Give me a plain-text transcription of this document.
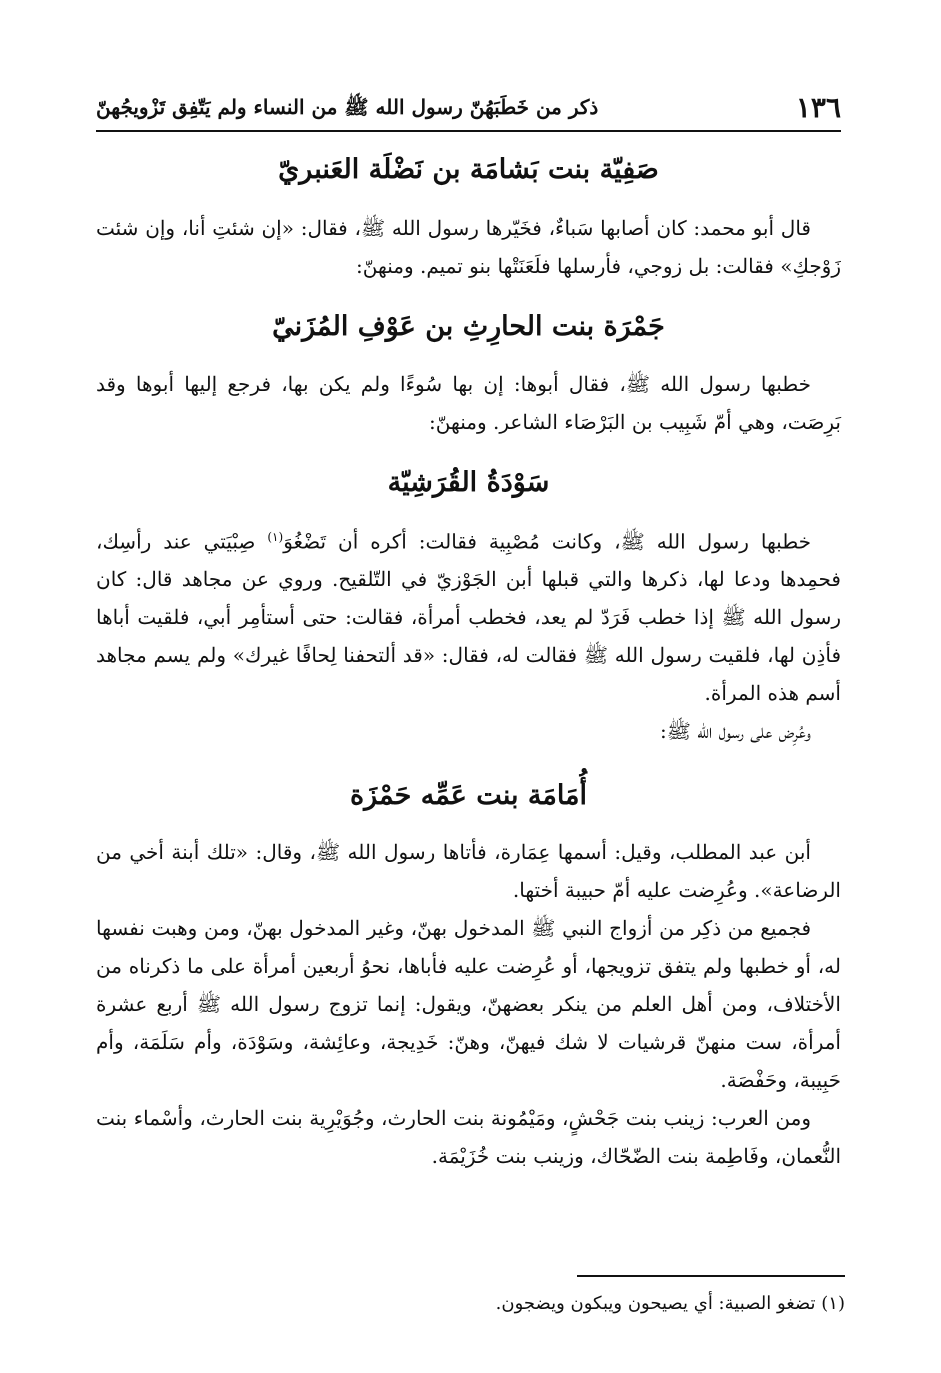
١٣٦
ذكر من خَطَبَهُنّ رسول الله ﷺ من النساء ولم يَتّفِق تَزْويجُهنّ
صَفِيّة بنت بَشامَة بن نَضْلَة العَنبريّ

قال أبو محمد: كان أصابها سَباءٌ، فخَيّرها رسول الله ﷺ، فقال: «إن شئتِ أنا، وإن شئت زَوْجكِ» فقالت: بل زوجي، فأرسلها فلَعَنَتْها بنو تميم. ومنهنّ:

جَمْرَة بنت الحارِثِ بن عَوْفِ المُزَنيّ

خطبها رسول الله ﷺ، فقال أبوها: إن بها سُوءًا ولم يكن بها، فرجع إليها أبوها وقد بَرِصَت، وهي أمّ شَبِيب بن البَرْصَاء الشاعر. ومنهنّ:

سَوْدَةُ القُرَشِيّة

خطبها رسول الله ﷺ، وكانت مُصْبِية فقالت: أكره أن تَضْغُوَ$^{(١)}$ صِبْيَتي عند رأسِك، فحمِدها ودعا لها، ذكرها والتي قبلها أبن الجَوْزيّ في التّلقيح. وروي عن مجاهد قال: كان رسول الله ﷺ إذا خطب فَرَدّ لم يعد، فخطب أمرأة، فقالت: حتى أستأمِر أبي، فلقيت أباها فأذِن لها، فلقيت رسول الله ﷺ فقالت له، فقال: «قد ألتحفنا لِحافًا غيرك» ولم يسم مجاهد أسم هذه المرأة.

وعُرِض على رسول الله ﷺ:

أُمَامَة بنت عَمِّه حَمْزَة

أبن عبد المطلب، وقيل: أسمها عِمَارة، فأتاها رسول الله ﷺ، وقال: «تلك أبنة أخي من الرضاعة». وعُرِضت عليه أمّ حبيبة أختها.

فجميع من ذكِر من أزواج النبي ﷺ المدخول بهنّ، وغير المدخول بهنّ، ومن وهبت نفسها له، أو خطبها ولم يتفق تزويجها، أو عُرِضت عليه فأباها، نحوُ أربعين أمرأة على ما ذكرناه من الأختلاف، ومن أهل العلم من ينكر بعضهنّ، ويقول: إنما تزوج رسول الله ﷺ أربع عشرة أمرأة، ست منهنّ قرشيات لا شك فيهنّ، وهنّ: خَدِيجة، وعائِشة، وسَوْدَة، وأم سَلَمَة، وأم حَبِيبة، وحَفْصَة.

ومن العرب: زينب بنت جَحْشٍ، ومَيْمُونة بنت الحارث، وجُوَيْرِية بنت الحارث، وأسْماء بنت النُّعمان، وفَاطِمة بنت الضّحّاك، وزينب بنت خُزَيْمَة.

(١) تضغو الصبية: أي يصيحون ويبكون ويضجون.
